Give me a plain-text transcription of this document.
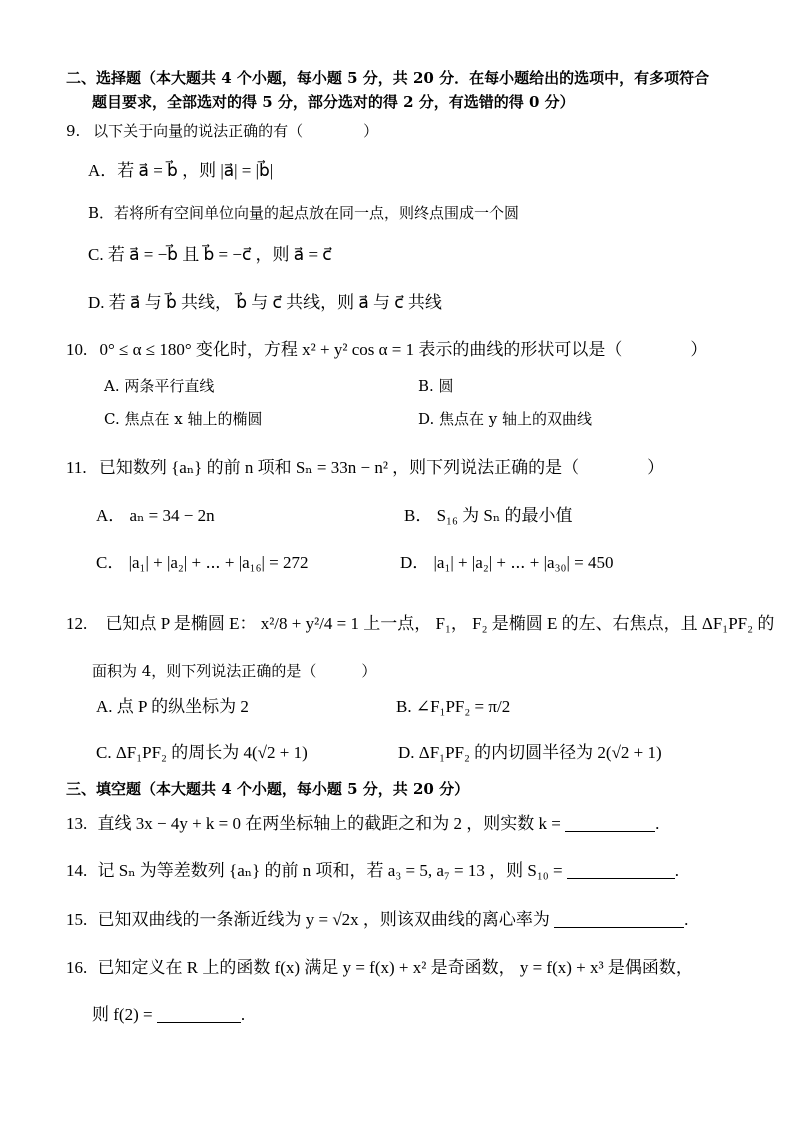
二、选择题（本大题共 4 个小题，每小题 5 分，共 20 分．在每小题给出的选项中，有多项符合
题目要求，全部选对的得 5 分，部分选对的得 2 分，有选错的得 0 分）
9. 以下关于向量的说法正确的有（　　　　）
A．若 a⃗ = b⃗ ，则 |a⃗| = |b⃗|
B．若将所有空间单位向量的起点放在同一点，则终点围成一个圆
C. 若 a⃗ = −b⃗ 且 b⃗ = −c⃗ ，则 a⃗ = c⃗
D. 若 a⃗ 与 b⃗ 共线， b⃗ 与 c⃗ 共线，则 a⃗ 与 c⃗ 共线
10. 0° ≤ α ≤ 180° 变化时，方程 x² + y² cos α = 1 表示的曲线的形状可以是（　　　　）
A. 两条平行直线	B. 圆
C. 焦点在 x 轴上的椭圆	D. 焦点在 y 轴上的双曲线
11. 已知数列 {aₙ} 的前 n 项和 Sₙ = 33n − n² ，则下列说法正确的是（　　　　）
A． aₙ = 34 − 2n	B． S₁₆ 为 Sₙ 的最小值
C． |a₁| + |a₂| + ⋯ + |a₁₆| = 272	D． |a₁| + |a₂| + ⋯ + |a₃₀| = 450
12. 已知点 P 是椭圆 E： x²/8 + y²/4 = 1 上一点， F₁， F₂ 是椭圆 E 的左、右焦点，且 ΔF₁PF₂ 的
面积为 4，则下列说法正确的是（　　　）
A. 点 P 的纵坐标为 2	B. ∠F₁PF₂ = π/2
C. ΔF₁PF₂ 的周长为 4(√2 + 1)	D. ΔF₁PF₂ 的内切圆半径为 2(√2 + 1)
三、填空题（本大题共 4 个小题，每小题 5 分，共 20 分）
13. 直线 3x − 4y + k = 0 在两坐标轴上的截距之和为 2 ，则实数 k =	.
14. 记 Sₙ 为等差数列 {aₙ} 的前 n 项和，若 a₃ = 5, a₇ = 13 ，则 S₁₀ =	.
15. 已知双曲线的一条渐近线为 y = √2x ，则该双曲线的离心率为	.
16. 已知定义在 R 上的函数 f(x) 满足 y = f(x) + x² 是奇函数， y = f(x) + x³ 是偶函数，
则 f(2) =	.
